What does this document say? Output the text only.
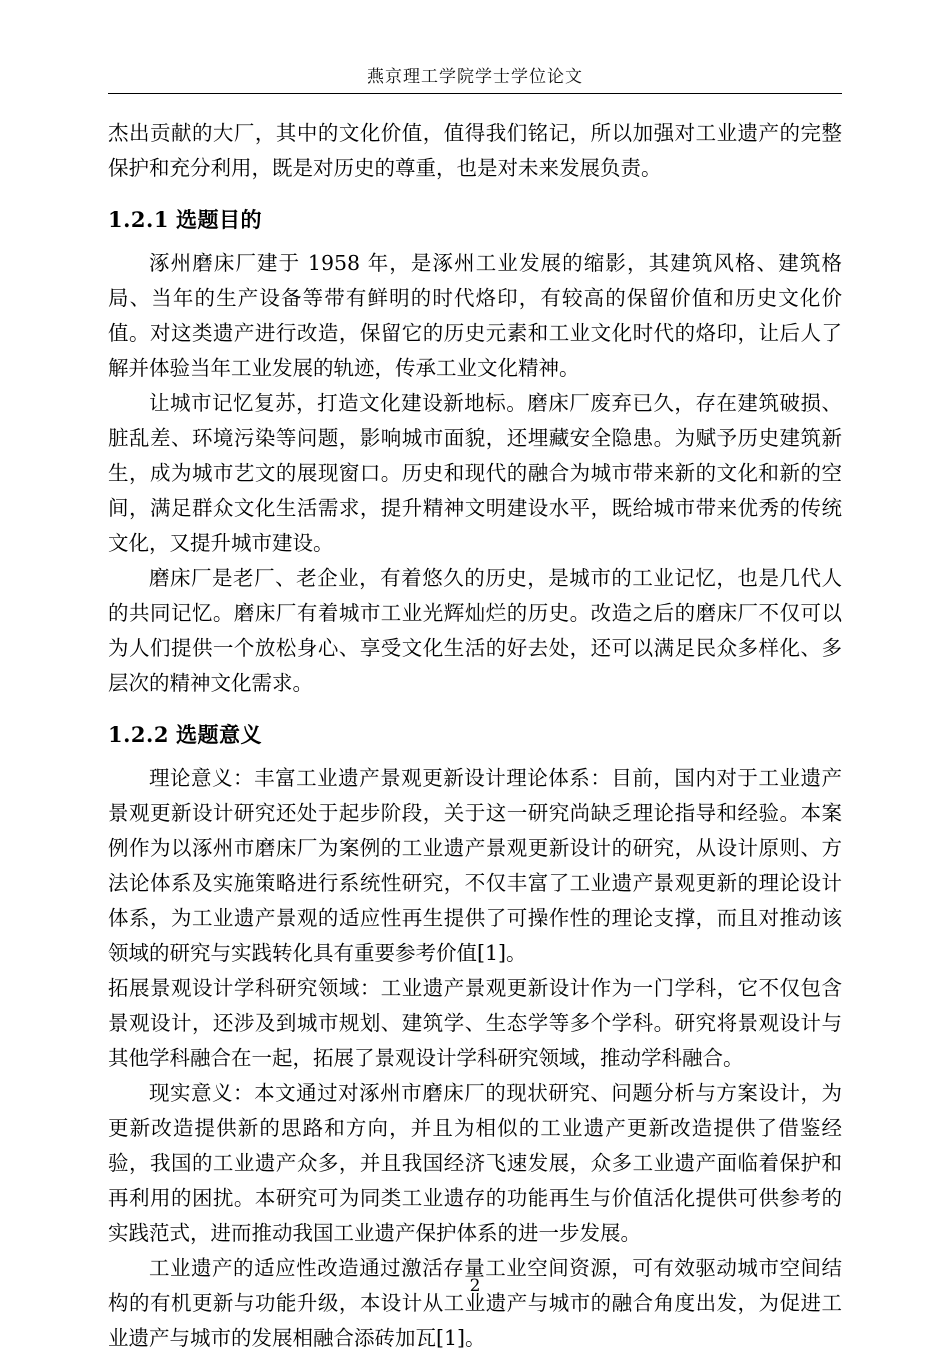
燕京理工学院学士学位论文

杰出贡献的大厂，其中的文化价值，值得我们铭记，所以加强对工业遗产的完整保护和充分利用，既是对历史的尊重，也是对未来发展负责。

1.2.1 选题目的

涿州磨床厂建于 1958 年，是涿州工业发展的缩影，其建筑风格、建筑格局、当年的生产设备等带有鲜明的时代烙印，有较高的保留价值和历史文化价值。对这类遗产进行改造，保留它的历史元素和工业文化时代的烙印，让后人了解并体验当年工业发展的轨迹，传承工业文化精神。

让城市记忆复苏，打造文化建设新地标。磨床厂废弃已久，存在建筑破损、脏乱差、环境污染等问题，影响城市面貌，还埋藏安全隐患。为赋予历史建筑新生，成为城市艺文的展现窗口。历史和现代的融合为城市带来新的文化和新的空间，满足群众文化生活需求，提升精神文明建设水平，既给城市带来优秀的传统文化，又提升城市建设。

磨床厂是老厂、老企业，有着悠久的历史，是城市的工业记忆，也是几代人的共同记忆。磨床厂有着城市工业光辉灿烂的历史。改造之后的磨床厂不仅可以为人们提供一个放松身心、享受文化生活的好去处，还可以满足民众多样化、多层次的精神文化需求。

1.2.2 选题意义

理论意义：丰富工业遗产景观更新设计理论体系：目前，国内对于工业遗产景观更新设计研究还处于起步阶段，关于这一研究尚缺乏理论指导和经验。本案例作为以涿州市磨床厂为案例的工业遗产景观更新设计的研究，从设计原则、方法论体系及实施策略进行系统性研究，不仅丰富了工业遗产景观更新的理论设计体系，为工业遗产景观的适应性再生提供了可操作性的理论支撑，而且对推动该领域的研究与实践转化具有重要参考价值[1]。

拓展景观设计学科研究领域：工业遗产景观更新设计作为一门学科，它不仅包含景观设计，还涉及到城市规划、建筑学、生态学等多个学科。研究将景观设计与其他学科融合在一起，拓展了景观设计学科研究领域，推动学科融合。

现实意义：本文通过对涿州市磨床厂的现状研究、问题分析与方案设计，为更新改造提供新的思路和方向，并且为相似的工业遗产更新改造提供了借鉴经验，我国的工业遗产众多，并且我国经济飞速发展，众多工业遗产面临着保护和再利用的困扰。本研究可为同类工业遗存的功能再生与价值活化提供可供参考的实践范式，进而推动我国工业遗产保护体系的进一步发展。

工业遗产的适应性改造通过激活存量工业空间资源，可有效驱动城市空间结构的有机更新与功能升级，本设计从工业遗产与城市的融合角度出发，为促进工业遗产与城市的发展相融合添砖加瓦[1]。

2
